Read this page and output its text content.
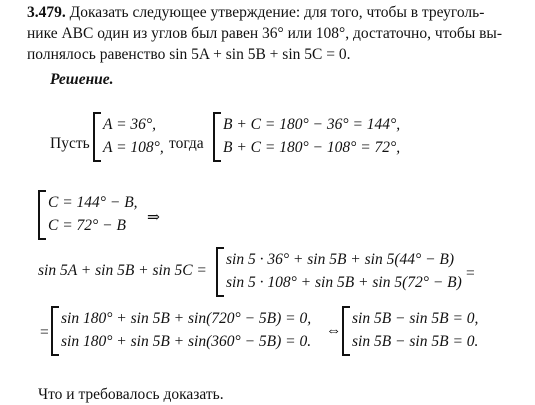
3.479. Доказать следующее утверждение: для того, чтобы в треуголь-
нике ABC один из углов был равен 36° или 108°, достаточно, чтобы вы-
полнялось равенство sin 5A + sin 5B + sin 5C = 0.
Решение.
Пусть
A = 36°,
A = 108°, тогда
B + C = 180° − 36° = 144°,
B + C = 180° − 108° = 72°,
C = 144° − B,
C = 72° − B ⇒
sin 5A + sin 5B + sin 5C =
sin 5 · 36° + sin 5B + sin 5(44° − B)
sin 5 · 108° + sin 5B + sin 5(72° − B)
=
=
sin 180° + sin 5B + sin(720° − 5B) = 0,
sin 180° + sin 5B + sin(360° − 5B) = 0.
⇔
sin 5B − sin 5B = 0,
sin 5B − sin 5B = 0.
Что и требовалось доказать.
